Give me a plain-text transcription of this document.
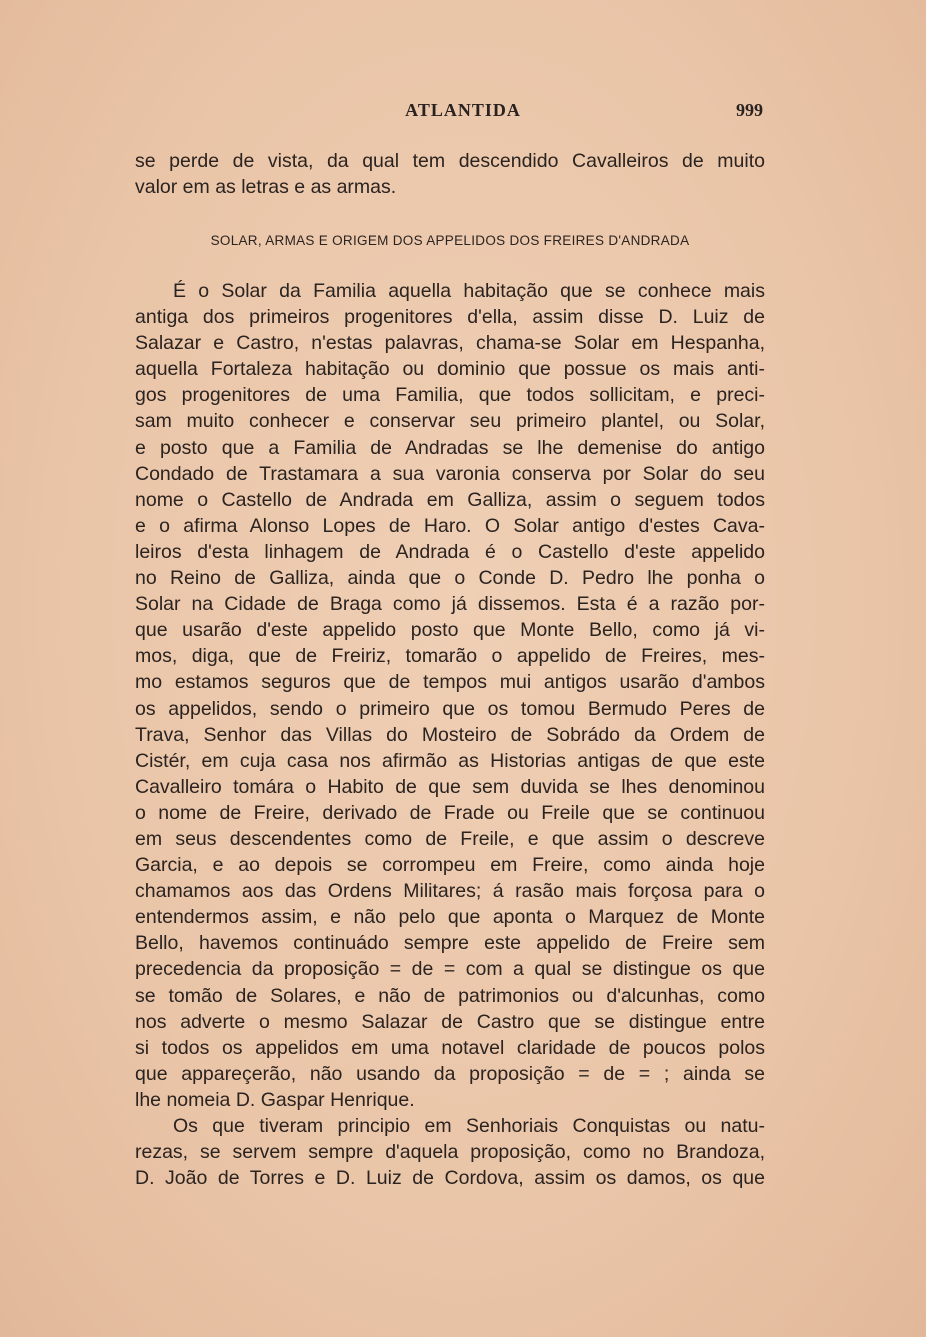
ATLANTIDA	999
se perde de vista, da qual tem descendido Cavalleiros de muito
valor em as letras e as armas.
SOLAR, ARMAS E ORIGEM DOS APPELIDOS DOS FREIRES D'ANDRADA
É o Solar da Familia aquella habitação que se conhece mais
antiga dos primeiros progenitores d'ella, assim disse D. Luiz de
Salazar e Castro, n'estas palavras, chama-se Solar em Hespanha,
aquella Fortaleza habitação ou dominio que possue os mais anti-
gos progenitores de uma Familia, que todos sollicitam, e preci-
sam muito conhecer e conservar seu primeiro plantel, ou Solar,
e posto que a Familia de Andradas se lhe demenise do antigo
Condado de Trastamara a sua varonia conserva por Solar do seu
nome o Castello de Andrada em Galliza, assim o seguem todos
e o afirma Alonso Lopes de Haro. O Solar antigo d'estes Cava-
leiros d'esta linhagem de Andrada é o Castello d'este appelido
no Reino de Galliza, ainda que o Conde D. Pedro lhe ponha o
Solar na Cidade de Braga como já dissemos. Esta é a razão por-
que usarão d'este appelido posto que Monte Bello, como já vi-
mos, diga, que de Freiriz, tomarão o appelido de Freires, mes-
mo estamos seguros que de tempos mui antigos usarão d'ambos
os appelidos, sendo o primeiro que os tomou Bermudo Peres de
Trava, Senhor das Villas do Mosteiro de Sobrádo da Ordem de
Cistér, em cuja casa nos afirmão as Historias antigas de que este
Cavalleiro tomára o Habito de que sem duvida se lhes denominou
o nome de Freire, derivado de Frade ou Freile que se continuou
em seus descendentes como de Freile, e que assim o descreve
Garcia, e ao depois se corrompeu em Freire, como ainda hoje
chamamos aos das Ordens Militares; á rasão mais forçosa para o
entendermos assim, e não pelo que aponta o Marquez de Monte
Bello, havemos continuádo sempre este appelido de Freire sem
precedencia da proposição = de = com a qual se distingue os que
se tomão de Solares, e não de patrimonios ou d'alcunhas, como
nos adverte o mesmo Salazar de Castro que se distingue entre
si todos os appelidos em uma notavel claridade de poucos polos
que appareçerão, não usando da proposição = de = ; ainda se
lhe nomeia D. Gaspar Henrique.
Os que tiveram principio em Senhoriais Conquistas ou natu-
rezas, se servem sempre d'aquela proposição, como no Brandoza,
D. João de Torres e D. Luiz de Cordova, assim os damos, os que
